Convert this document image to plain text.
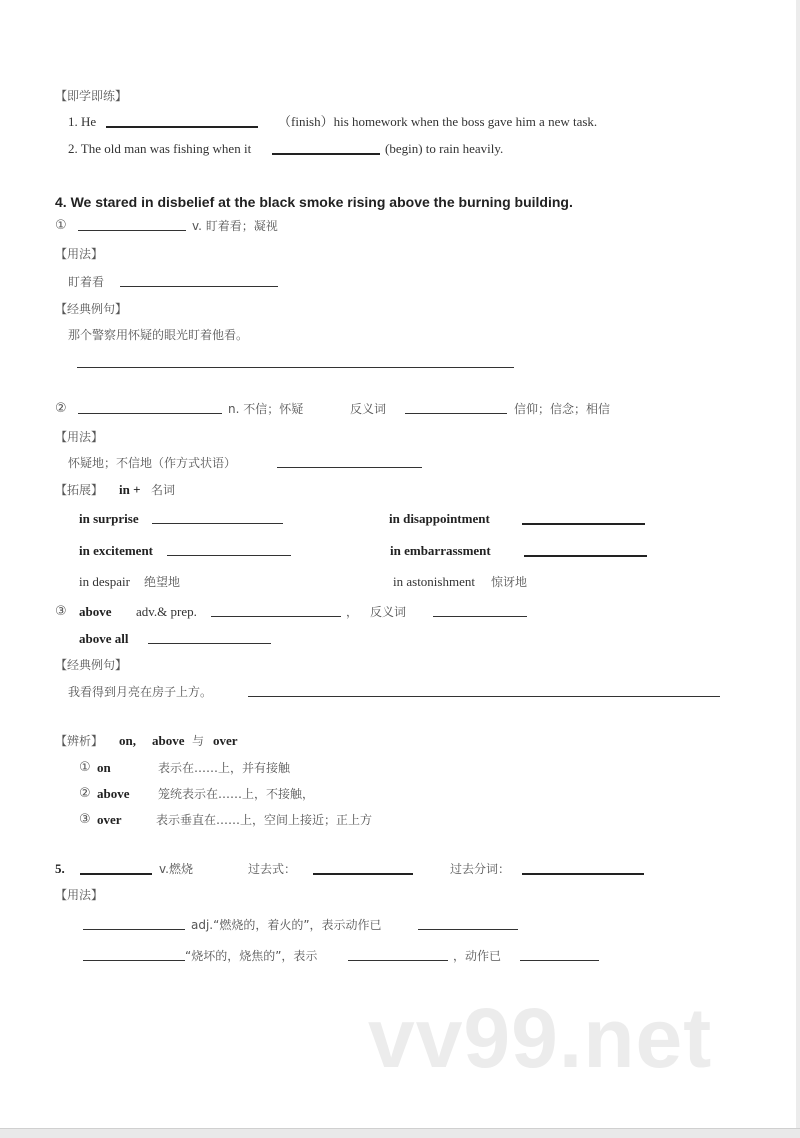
【即学即练】
1. He	（finish）his homework when the boss gave him a new task.
2. The old man was fishing when it	(begin) to rain heavily.
4. We stared in disbelief at the black smoke rising above the burning building.
①	v. 盯着看；凝视
【用法】
盯着看
【经典例句】
那个警察用怀疑的眼光盯着他看。
②	n. 不信；怀疑	反义词	信仰；信念；相信
【用法】
怀疑地；不信地（作方式状语）
【拓展】 in + 名词
in surprise	in disappointment
in excitement	in embarrassment
in despair 绝望地	in astonishment 惊讶地
③ above adv.& prep.	， 反义词
above all
【经典例句】
我看得到月亮在房子上方。
【辨析】 on, above 与 over
① on	表示在……上，并有接触
② above 笼统表示在……上，不接触，
③ over	表示垂直在……上，空间上接近；正上方
5.	v.燃烧	过去式：	过去分词：
【用法】
adj.“燃烧的，着火的”，表示动作已
“烧坏的，烧焦的”，表示	，动作已
vv99.net
